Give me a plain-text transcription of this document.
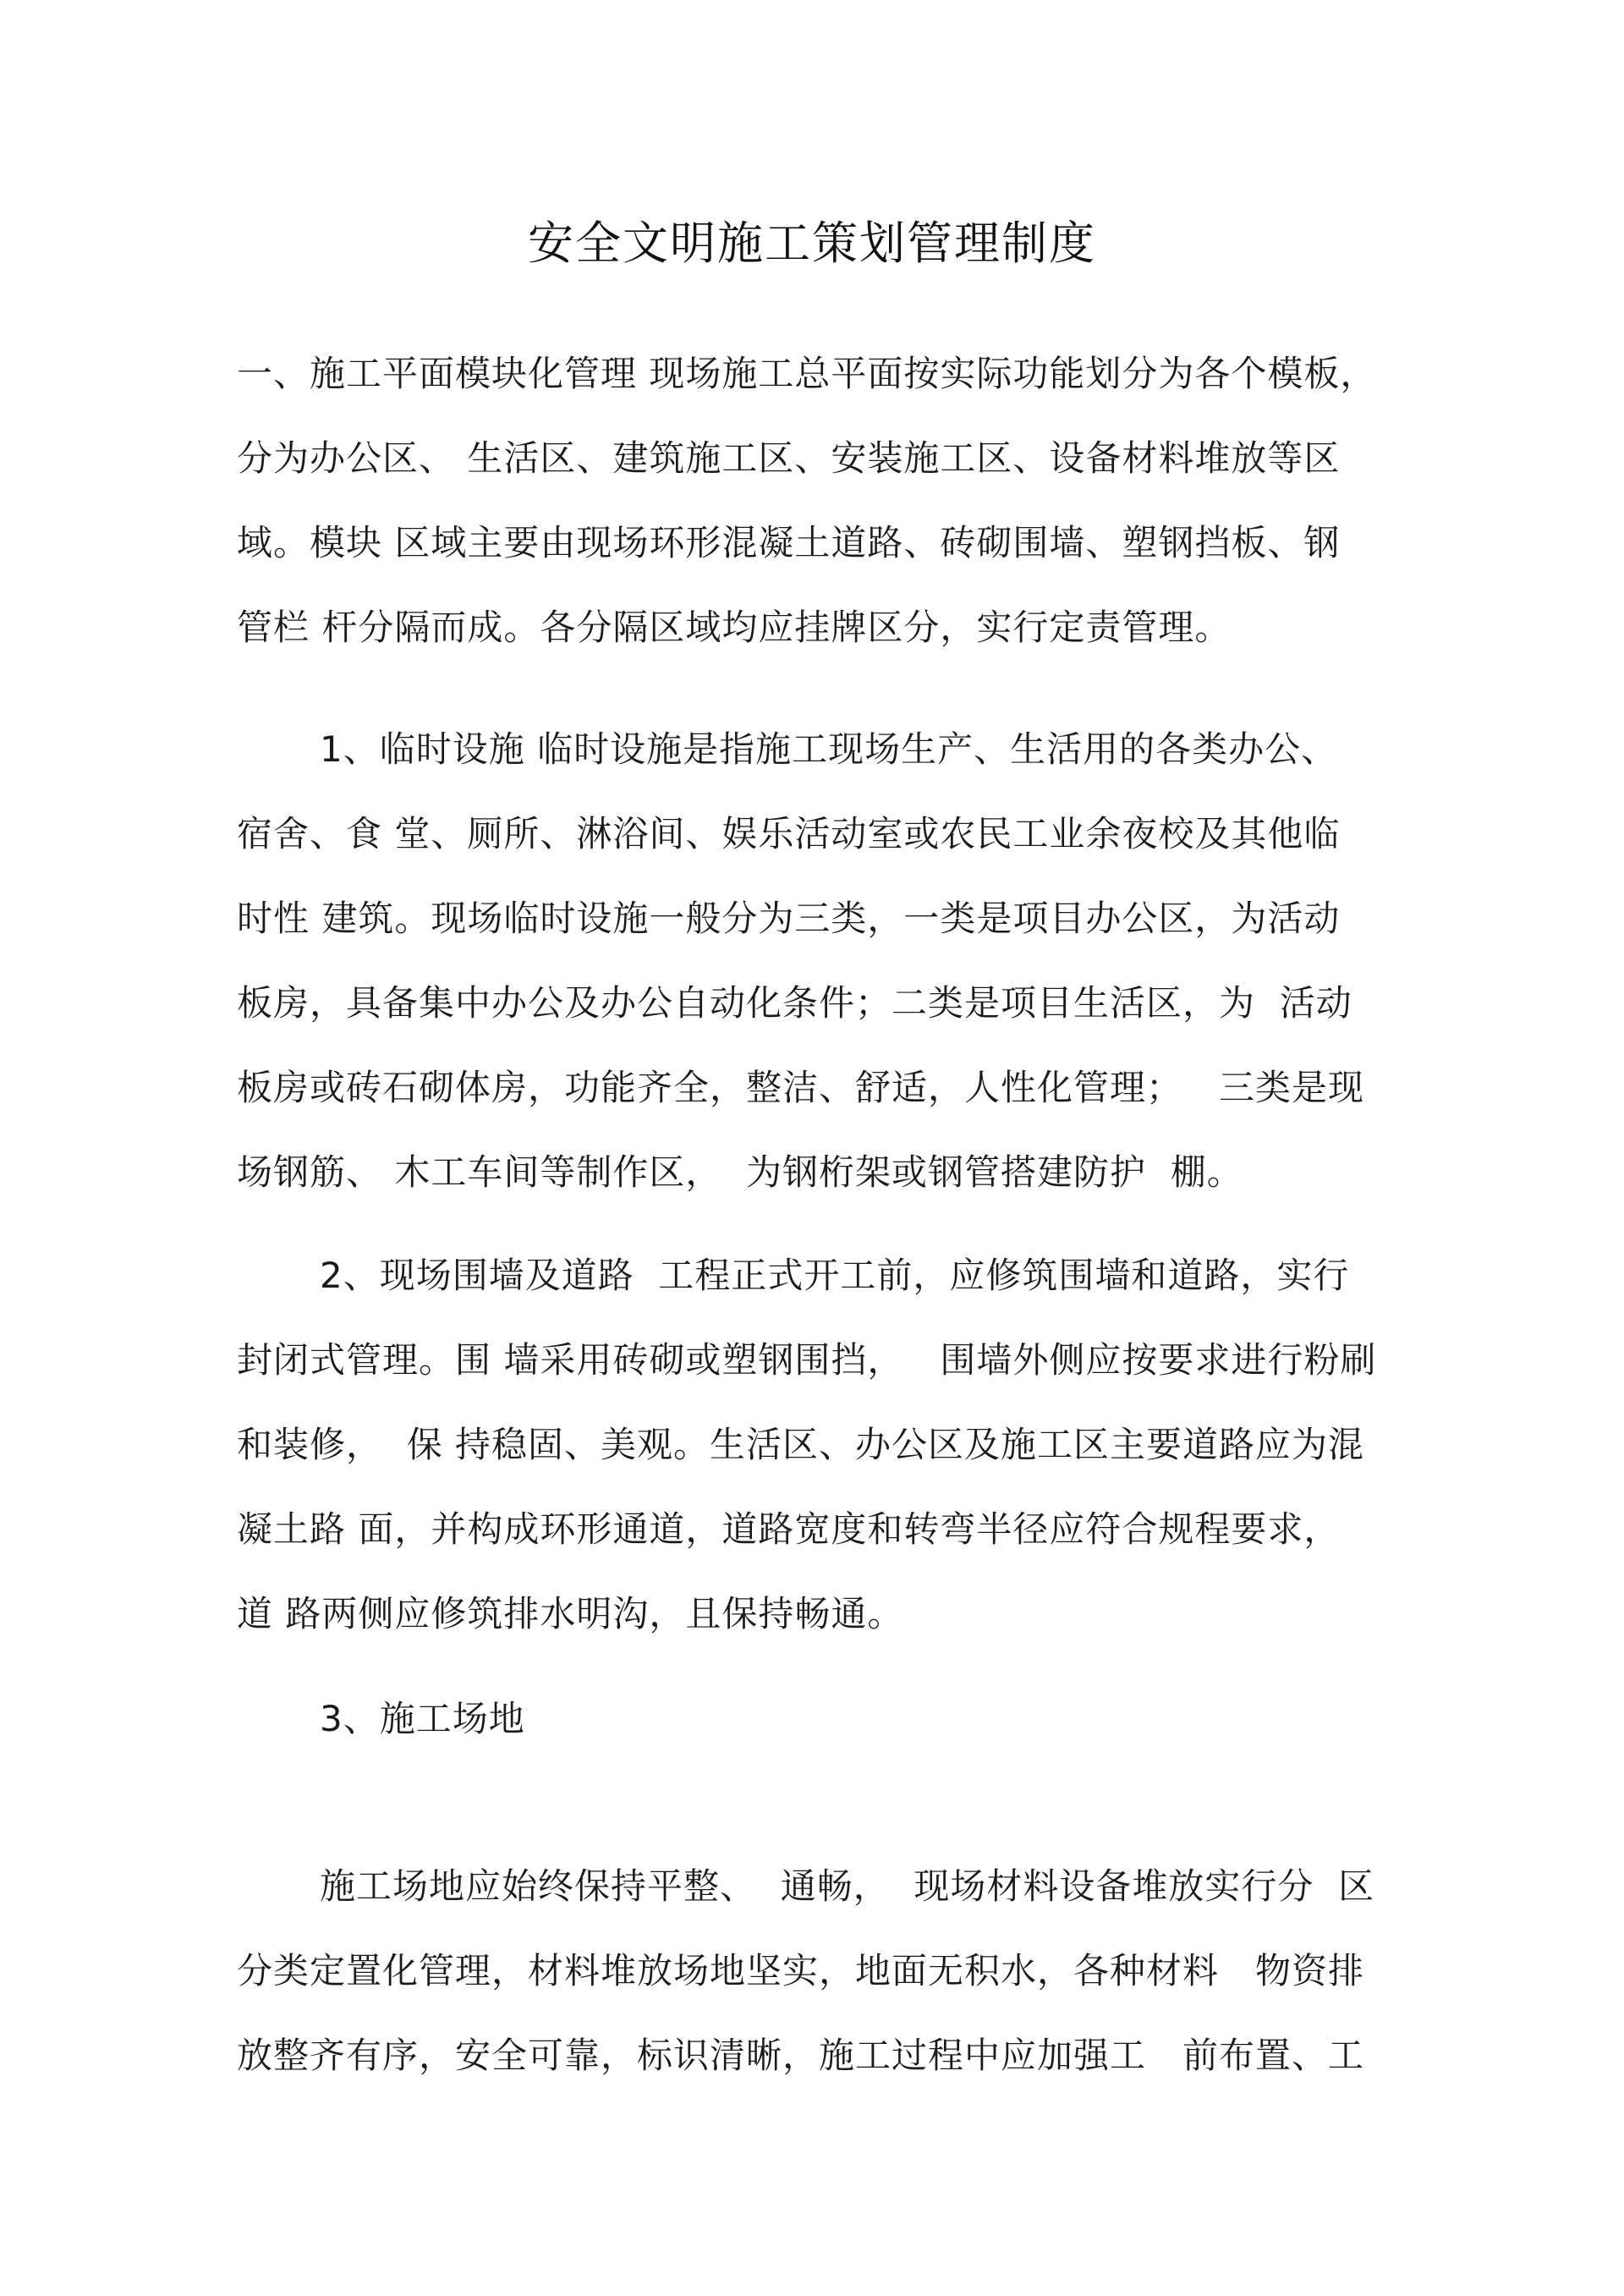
安全文明施工策划管理制度
一、施工平面模块化管理 现场施工总平面按实际功能划分为各个模板，
分为办公区、 生活区、建筑施工区、安装施工区、设备材料堆放等区
域。模块 区域主要由现场环形混凝土道路、砖砌围墙、塑钢挡板、钢
管栏 杆分隔而成。各分隔区域均应挂牌区分，实行定责管理。
1、临时设施 临时设施是指施工现场生产、生活用的各类办公、
宿舍、食 堂、厕所、淋浴间、娱乐活动室或农民工业余夜校及其他临
时性 建筑。现场临时设施一般分为三类，一类是项目办公区，为活动
板房，具备集中办公及办公自动化条件；二类是项目生活区，为  活动
板房或砖石砌体房，功能齐全，整洁、舒适，人性化管理；   三类是现
场钢筋、 木工车间等制作区，  为钢桁架或钢管搭建防护  棚。
2、现场围墙及道路  工程正式开工前，应修筑围墙和道路，实行
封闭式管理。围 墙采用砖砌或塑钢围挡，   围墙外侧应按要求进行粉刷
和装修，  保 持稳固、美观。生活区、办公区及施工区主要道路应为混
凝土路 面，并构成环形通道，道路宽度和转弯半径应符合规程要求，
道 路两侧应修筑排水明沟，且保持畅通。
3、施工场地
施工场地应始终保持平整、  通畅，  现场材料设备堆放实行分  区
分类定置化管理，材料堆放场地坚实，地面无积水，各种材料   物资排
放整齐有序，安全可靠，标识清晰，施工过程中应加强工   前布置、工
